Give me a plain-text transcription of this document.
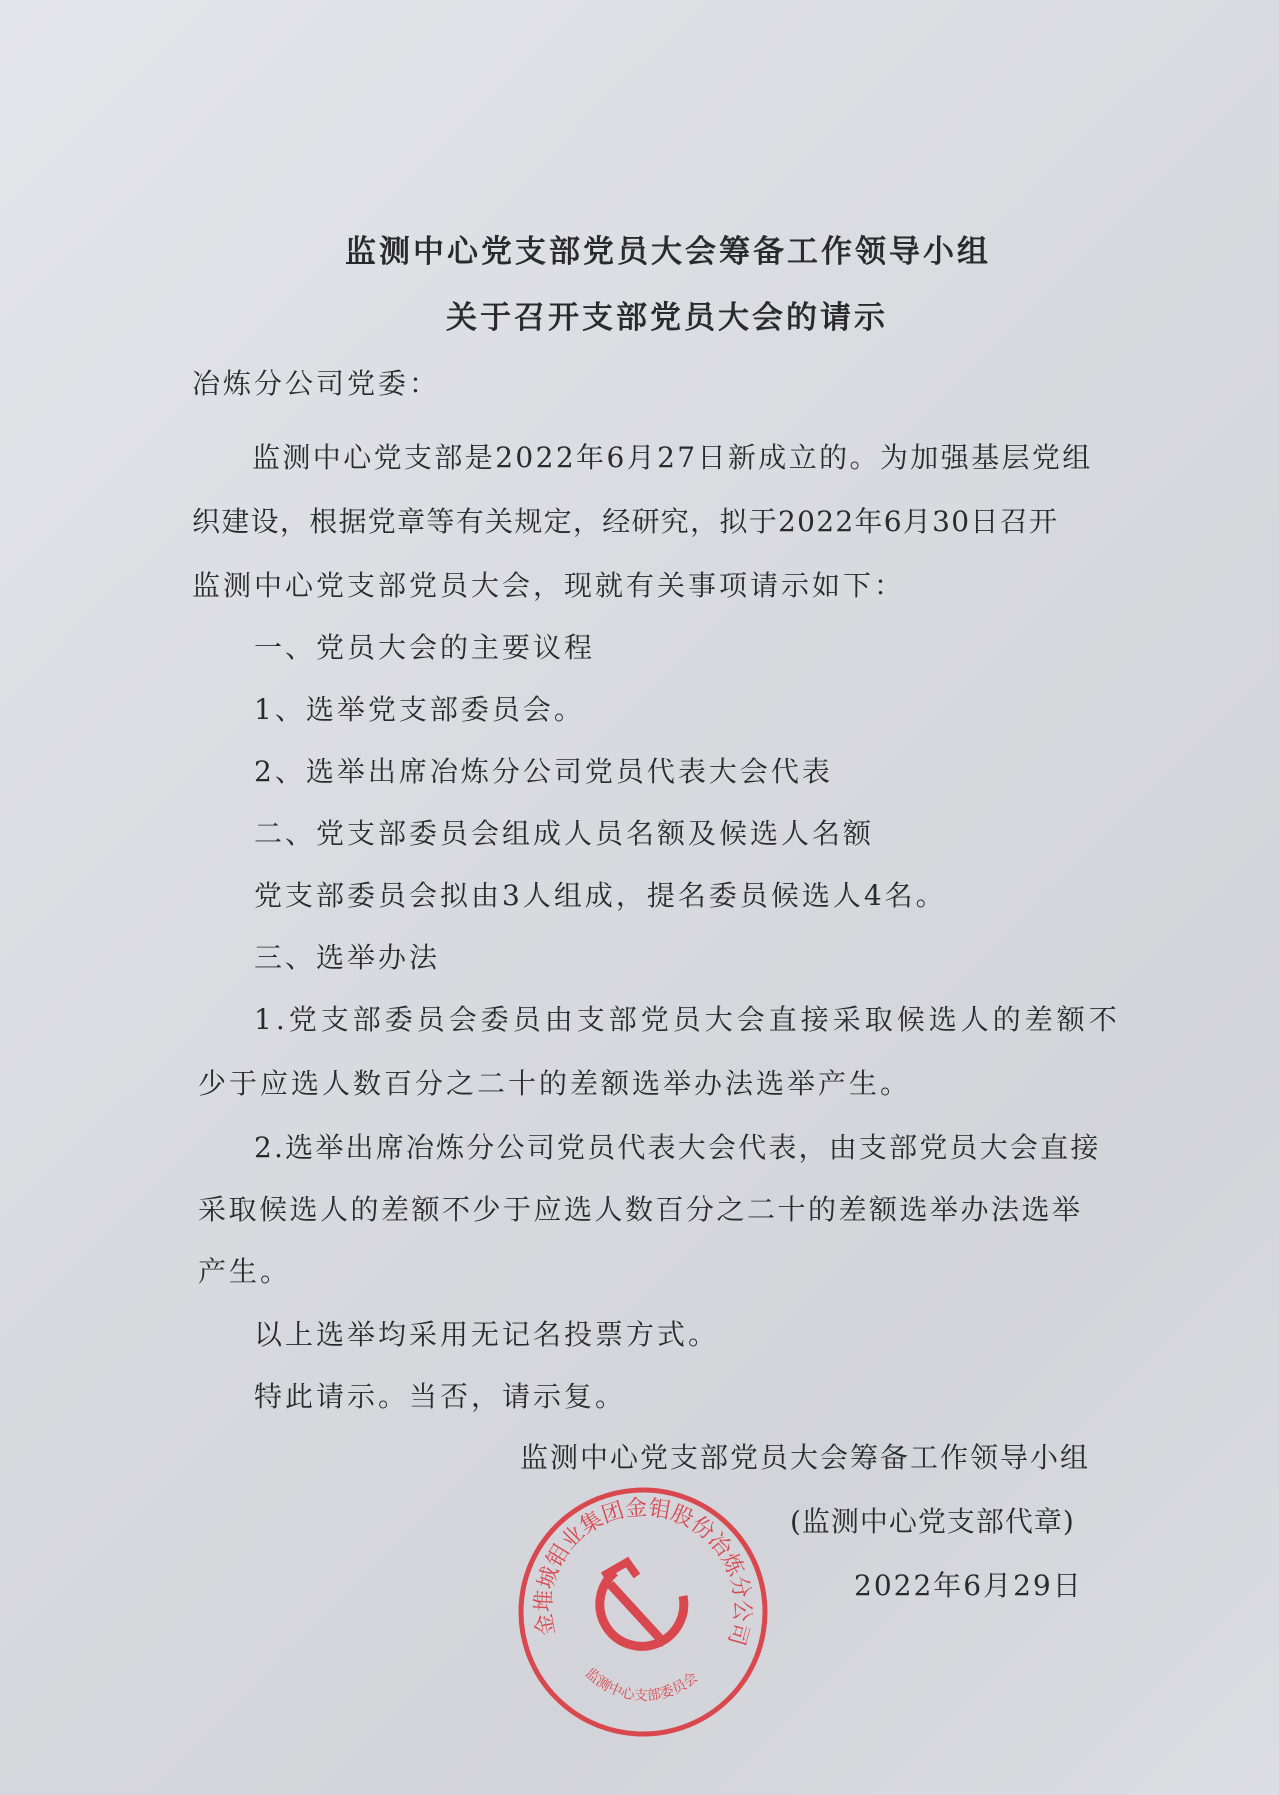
监测中心党支部党员大会筹备工作领导小组
关于召开支部党员大会的请示
冶炼分公司党委：
监测中心党支部是2022年6月27日新成立的。为加强基层党组
织建设，根据党章等有关规定，经研究，拟于2022年6月30日召开
监测中心党支部党员大会，现就有关事项请示如下：
一、党员大会的主要议程
1、选举党支部委员会。
2、选举出席冶炼分公司党员代表大会代表
二、党支部委员会组成人员名额及候选人名额
党支部委员会拟由3人组成，提名委员候选人4名。
三、选举办法
1.党支部委员会委员由支部党员大会直接采取候选人的差额不
少于应选人数百分之二十的差额选举办法选举产生。
2.选举出席冶炼分公司党员代表大会代表，由支部党员大会直接
采取候选人的差额不少于应选人数百分之二十的差额选举办法选举
产生。
以上选举均采用无记名投票方式。
特此请示。当否，请示复。
监测中心党支部党员大会筹备工作领导小组
(监测中心党支部代章)
2022年6月29日
金堆城钼业集团金钼股份冶炼分公司
监测中心支部委员会
